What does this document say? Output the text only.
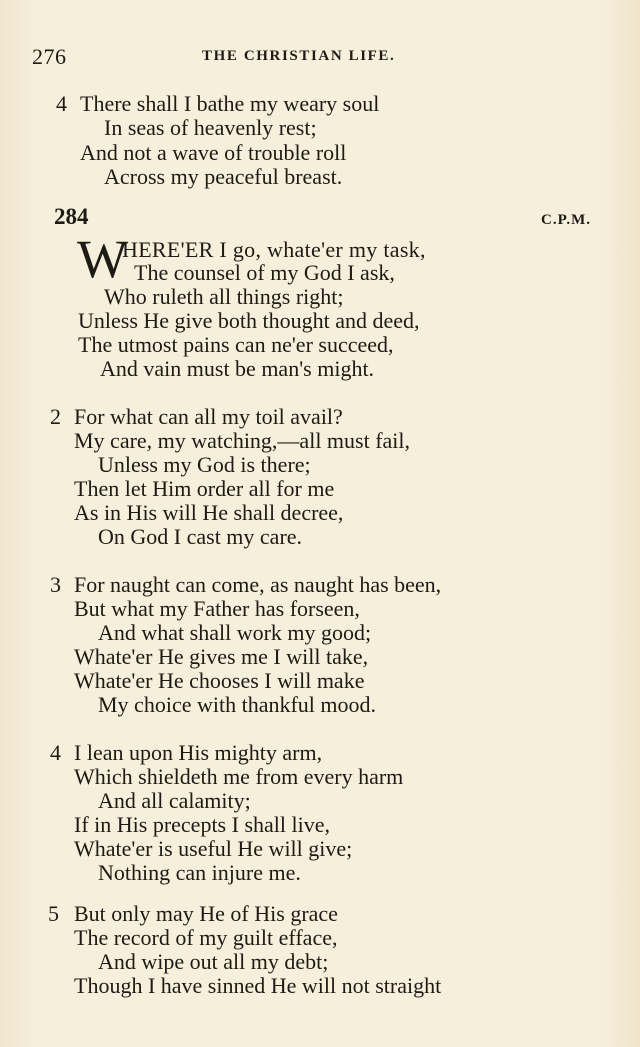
276	THE CHRISTIAN LIFE.
4 There shall I bathe my weary soul
In seas of heavenly rest;
And not a wave of trouble roll
Across my peaceful breast.
284	C.P.M.
W
HERE'ER I go, whate'er my task,
The counsel of my God I ask,
Who ruleth all things right;
Unless He give both thought and deed,
The utmost pains can ne'er succeed,
And vain must be man's might.
2 For what can all my toil avail?
My care, my watching,—all must fail,
Unless my God is there;
Then let Him order all for me
As in His will He shall decree,
On God I cast my care.
3 For naught can come, as naught has been,
But what my Father has forseen,
And what shall work my good;
Whate'er He gives me I will take,
Whate'er He chooses I will make
My choice with thankful mood.
4 I lean upon His mighty arm,
Which shieldeth me from every harm
And all calamity;
If in His precepts I shall live,
Whate'er is useful He will give;
Nothing can injure me.
5 But only may He of His grace
The record of my guilt efface,
And wipe out all my debt;
Though I have sinned He will not straight
